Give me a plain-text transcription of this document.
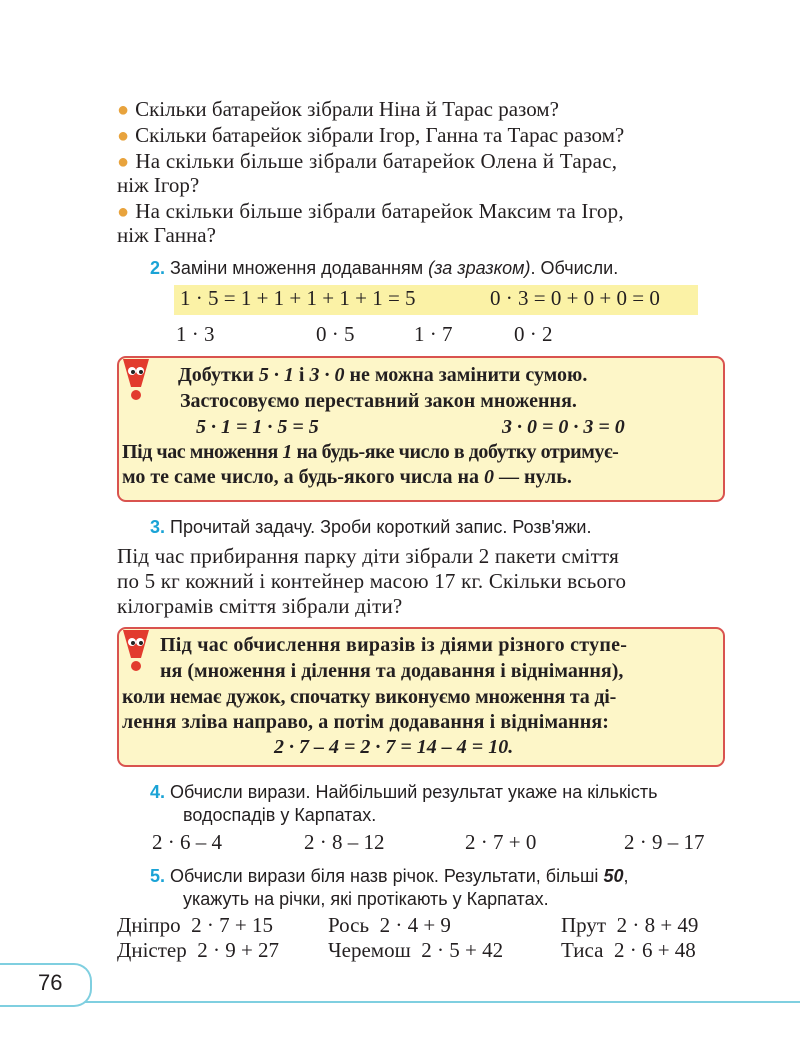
● Скільки батарейок зібрали Ніна й Тарас разом?
● Скільки батарейок зібрали Ігор, Ганна та Тарас разом?
● На скільки більше зібрали батарейок Олена й Тарас,
ніж Ігор?
● На скільки більше зібрали батарейок Максим та Ігор,
ніж Ганна?
2. Заміни множення додаванням (за зразком). Обчисли.
1 · 5 = 1 + 1 + 1 + 1 + 1 = 5	0 · 3 = 0 + 0 + 0 = 0
1 · 3	0 · 5	1 · 7	0 · 2
Добутки 5 · 1 і 3 · 0 не можна замінити сумою.
Застосовуємо переставний закон множення.
5 · 1 = 1 · 5 = 5	3 · 0 = 0 · 3 = 0
Під час множення 1 на будь-яке число в добутку отримує-
мо те саме число, а будь-якого числа на 0 — нуль.
3. Прочитай задачу. Зроби короткий запис. Розв'яжи.
Під час прибирання парку діти зібрали 2 пакети сміття
по 5 кг кожний і контейнер масою 17 кг. Скільки всього
кілограмів сміття зібрали діти?
Під час обчислення виразів із діями різного ступе-
ня (множення і ділення та додавання і віднімання),
коли немає дужок, спочатку виконуємо множення та ді-
лення зліва направо, а потім додавання і віднімання:
2 · 7 – 4 = 2 · 7 = 14 – 4 = 10.
4. Обчисли вирази. Найбільший результат укаже на кількість
водоспадів у Карпатах.
2 · 6 – 4	2 · 8 – 12	2 · 7 + 0	2 · 9 – 17
5. Обчисли вирази біля назв річок. Результати, більші 50,
укажуть на річки, які протікають у Карпатах.
Дніпро 2 · 7 + 15	Рось 2 · 4 + 9	Прут 2 · 8 + 49
Дністер 2 · 9 + 27 Черемош 2 · 5 + 42	Тиса 2 · 6 + 48
76
